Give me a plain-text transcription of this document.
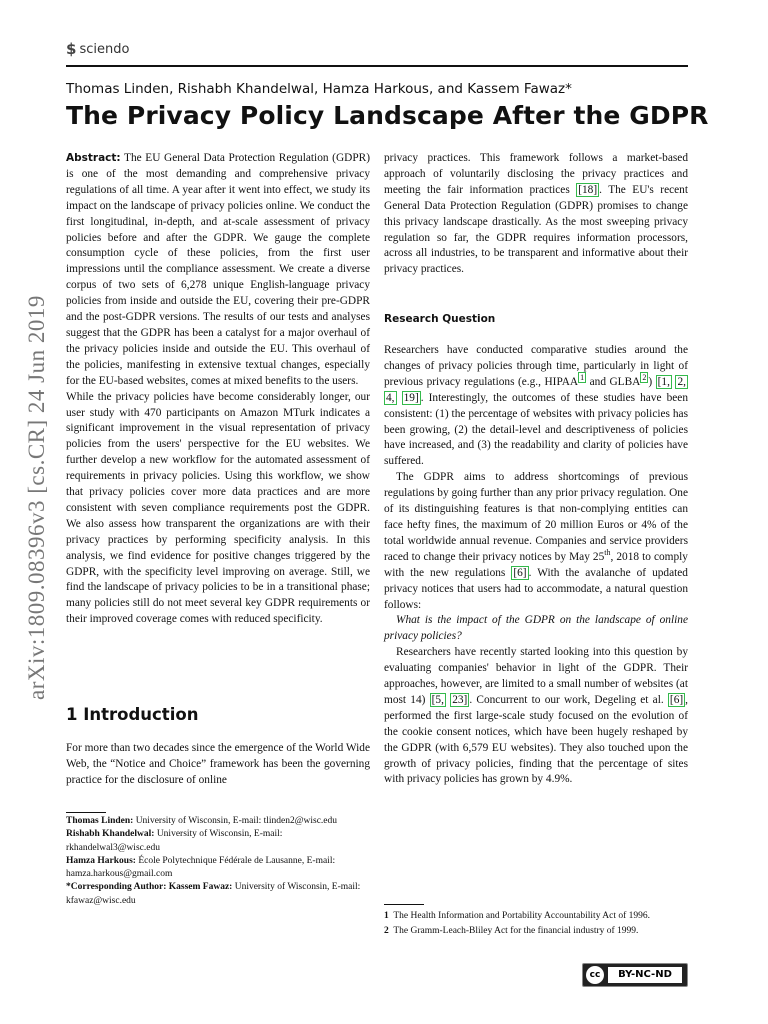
$ sciendo
Thomas Linden, Rishabh Khandelwal, Hamza Harkous, and Kassem Fawaz*
The Privacy Policy Landscape After the GDPR
arXiv:1809.08396v3 [cs.CR] 24 Jun 2019

Abstract: The EU General Data Protection Regulation (GDPR) is one of the most demanding and comprehensive privacy regulations of all time. A year after it went into effect, we study its impact on the landscape of privacy policies online. We conduct the first longitudinal, in-depth, and at-scale assessment of privacy policies before and after the GDPR. We gauge the complete consumption cycle of these policies, from the first user impressions until the compliance assessment. We create a diverse corpus of two sets of 6,278 unique English-language privacy policies from inside and outside the EU, covering their pre-GDPR and the post-GDPR versions. The results of our tests and analyses suggest that the GDPR has been a catalyst for a major overhaul of the privacy policies inside and outside the EU. This overhaul of the policies, manifesting in extensive textual changes, especially for the EU-based websites, comes at mixed benefits to the users.

While the privacy policies have become considerably longer, our user study with 470 participants on Amazon MTurk indicates a significant improvement in the visual representation of privacy policies from the users' perspective for the EU websites. We further develop a new workflow for the automated assessment of requirements in privacy policies. Using this workflow, we show that privacy policies cover more data practices and are more consistent with seven compliance requirements post the GDPR. We also assess how transparent the organizations are with their privacy practices by performing specificity analysis. In this analysis, we find evidence for positive changes triggered by the GDPR, with the specificity level improving on average. Still, we find the landscape of privacy policies to be in a transitional phase; many policies still do not meet several key GDPR requirements or their improved coverage comes with reduced specificity.

1 Introduction
For more than two decades since the emergence of the World Wide Web, the “Notice and Choice” framework has been the governing practice for the disclosure of online

Thomas Linden: University of Wisconsin, E-mail: tlinden2@wisc.edu

Rishabh Khandelwal: University of Wisconsin, E-mail: rkhandelwal3@wisc.edu

Hamza Harkous: École Polytechnique Fédérale de Lausanne, E-mail: hamza.harkous@gmail.com

*Corresponding Author: Kassem Fawaz: University of Wisconsin, E-mail: kfawaz@wisc.edu

privacy practices. This framework follows a market-based approach of voluntarily disclosing the privacy practices and meeting the fair information practices [18] . The EU's recent General Data Protection Regulation (GDPR) promises to change this privacy landscape drastically. As the most sweeping privacy regulation so far, the GDPR requires information processors, across all industries, to be transparent and informative about their privacy practices.

Research Question

Researchers have conducted comparative studies around the changes of privacy policies through time, particularly in light of previous privacy regulations (e.g., HIPAA $^1$ and GLBA $^2$ ) [1, 2, 4, 19] . Interestingly, the outcomes of these studies have been consistent: (1) the percentage of websites with privacy policies has been growing, (2) the detail-level and descriptiveness of policies have increased, and (3) the readability and clarity of policies have suffered.

The GDPR aims to address shortcomings of previous regulations by going further than any prior privacy regulation. One of its distinguishing features is that non-complying entities can face hefty fines, the maximum of 20 million Euros or 4% of the total worldwide annual revenue. Companies and service providers raced to change their privacy notices by May 25th, 2018 to comply with the new regulations [6] . With the avalanche of updated privacy notices that users had to accommodate, a natural question follows:

What is the impact of the GDPR on the landscape of online privacy policies?

Researchers have recently started looking into this question by evaluating companies' behavior in light of the GDPR. Their approaches, however, are limited to a small number of websites (at most 14) [5, 23] . Concurrent to our work, Degeling et al. [6] , performed the first large-scale study focused on the evolution of the cookie consent notices, which have been hugely reshaped by the GDPR (with 6,579 EU websites). They also touched upon the growth of privacy policies, finding that the percentage of sites with privacy policies has grown by 4.9%.

1 The Health Information and Portability Accountability Act of 1996.

2 The Gramm-Leach-Bliley Act for the financial industry of 1999.

cc	BY-NC-ND
